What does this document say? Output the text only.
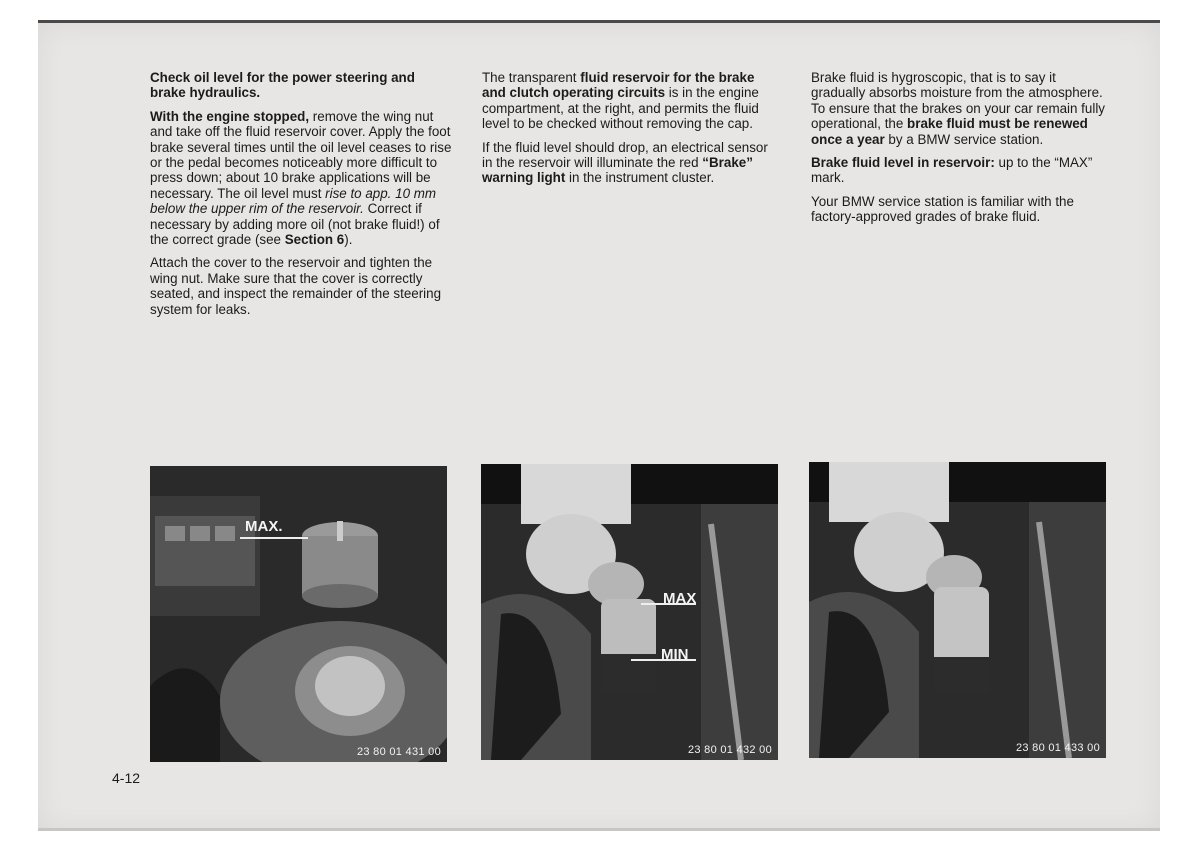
Check oil level for the power steering and brake hydraulics.

With the engine stopped, remove the wing nut and take off the fluid reservoir cover. Apply the foot brake several times until the oil level ceases to rise or the pedal becomes noticeably more difficult to press down; about 10 brake applications will be necessary. The oil level must rise to app. 10 mm below the upper rim of the reservoir. Correct if necessary by adding more oil (not brake fluid!) of the correct grade (see Section 6).

Attach the cover to the reservoir and tighten the wing nut. Make sure that the cover is correctly seated, and inspect the remainder of the steering system for leaks.

The transparent fluid reservoir for the brake and clutch operating circuits is in the engine compartment, at the right, and permits the fluid level to be checked without removing the cap.

If the fluid level should drop, an electrical sensor in the reservoir will illuminate the red “Brake” warning light in the instrument cluster.

Brake fluid is hygroscopic, that is to say it gradually absorbs moisture from the atmosphere. To ensure that the brakes on your car remain fully operational, the brake fluid must be renewed once a year by a BMW service station.

Brake fluid level in reservoir: up to the “MAX” mark.

Your BMW service station is familiar with the factory-approved grades of brake fluid.

MAX.
23 80 01 431 00
MAX
MIN
23 80 01 432 00	23 80 01 433 00
4-12
